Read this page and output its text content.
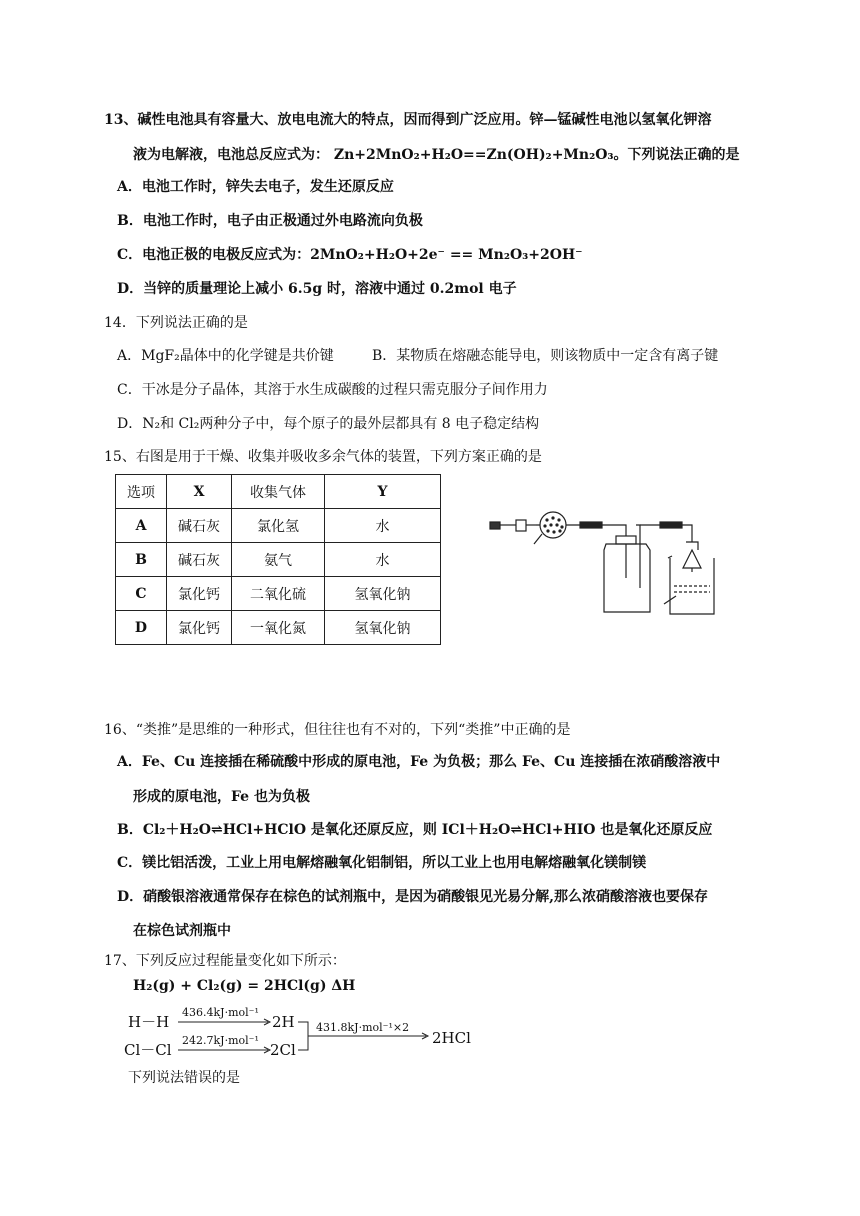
13、碱性电池具有容量大、放电电流大的特点，因而得到广泛应用。锌—锰碱性电池以氢氧化钾溶
液为电解液，电池总反应式为： Zn+2MnO₂+H₂O==Zn(OH)₂+Mn₂O₃。下列说法正确的是
A．电池工作时，锌失去电子，发生还原反应
B．电池工作时，电子由正极通过外电路流向负极
C．电池正极的电极反应式为：2MnO₂+H₂O+2e⁻ == Mn₂O₃+2OH⁻
D．当锌的质量理论上减小 6.5g 时，溶液中通过 0.2mol 电子
14．下列说法正确的是
A．MgF₂晶体中的化学键是共价键	B．某物质在熔融态能导电，则该物质中一定含有离子键
C．干冰是分子晶体，其溶于水生成碳酸的过程只需克服分子间作用力
D．N₂和 Cl₂两种分子中，每个原子的最外层都具有 8 电子稳定结构
15、右图是用于干燥、收集并吸收多余气体的装置，下列方案正确的是
选项	X	收集气体	Y
A	碱石灰	氯化氢	水
B	碱石灰	氨气	水
C	氯化钙	二氧化硫	氢氧化钠
D	氯化钙	一氧化氮	氢氧化钠
16、“类推”是思维的一种形式，但往往也有不对的，下列“类推”中正确的是
A．Fe、Cu 连接插在稀硫酸中形成的原电池，Fe 为负极；那么 Fe、Cu 连接插在浓硝酸溶液中
形成的原电池，Fe 也为负极
B．Cl₂＋H₂O⇌HCl+HClO 是氧化还原反应，则 ICl＋H₂O⇌HCl+HIO 也是氧化还原反应
C．镁比铝活泼，工业上用电解熔融氧化铝制铝，所以工业上也用电解熔融氧化镁制镁
D．硝酸银溶液通常保存在棕色的试剂瓶中，是因为硝酸银见光易分解,那么浓硝酸溶液也要保存
在棕色试剂瓶中
17、下列反应过程能量变化如下所示：
H₂(g) + Cl₂(g) = 2HCl(g) ΔH
H－H
Cl－Cl
436.4kJ·mol⁻¹
242.7kJ·mol⁻¹
2H
2Cl
431.8kJ·mol⁻¹×2
2HCl
下列说法错误的是
